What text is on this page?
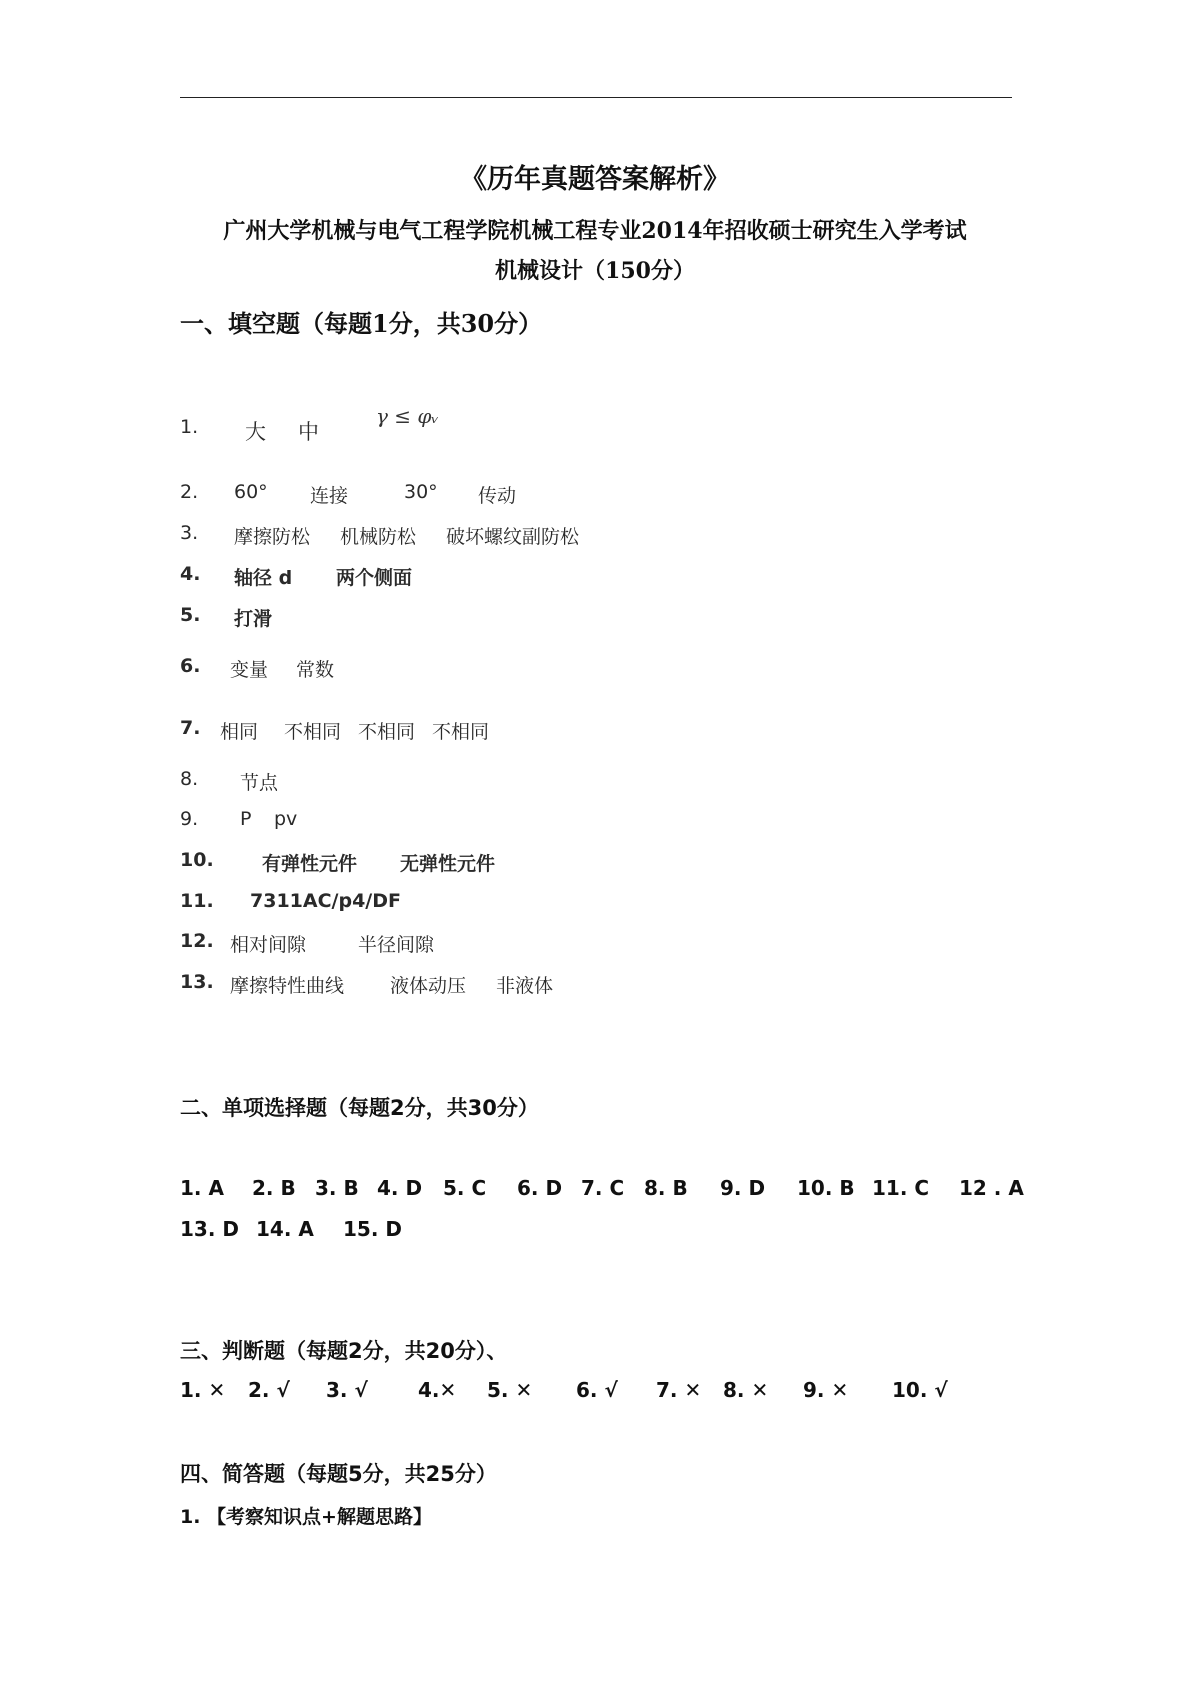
《历年真题答案解析》
广州大学机械与电气工程学院机械工程专业2014年招收硕士研究生入学考试
机械设计（150分）
一、填空题（每题1分，共30分）
1. 大 中
γ ≤ φᵥ
2. 60° 连接	30° 传动
3. 摩擦防松 机械防松 破坏螺纹副防松
4. 轴径 d 两个侧面
5. 打滑
6. 变量 常数
7. 相同 不相同 不相同 不相同
8. 节点
9. P pv
10.	有弹性元件 无弹性元件
11. 7311AC/p4/DF
12. 相对间隙	半径间隙
13. 摩擦特性曲线 液体动压 非液体
二、单项选择题（每题2分，共30分）
1. A 2. B 3. B 4. D 5. C 6. D 7. C 8. B 9. D 10. B 11. C 12 . A
13. D 14. A 15. D
三、判断题（每题2分，共20分）、
1. ✕ 2. √ 3. √	4.✕ 5. ✕ 6. √ 7. ✕ 8. ✕ 9. ✕ 10. √
四、简答题（每题5分，共25分）
1. 【考察知识点+解题思路】
